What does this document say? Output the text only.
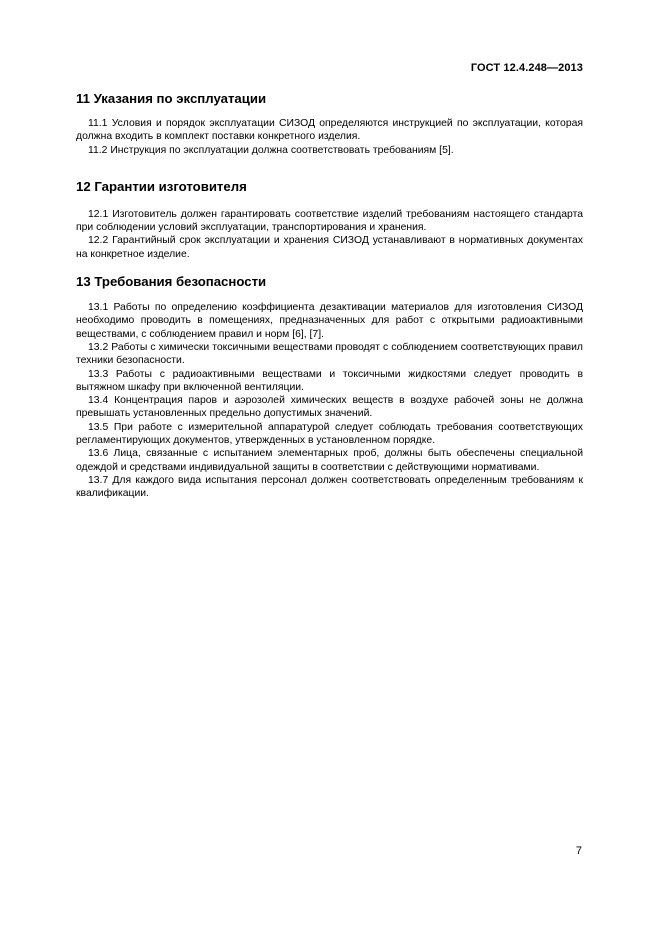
ГОСТ 12.4.248—2013
11 Указания по эксплуатации

11.1 Условия и порядок эксплуатации СИЗОД определяются инструкцией по эксплуатации, которая должна входить в комплект поставки конкретного изделия.

11.2 Инструкция по эксплуатации должна соответствовать требованиям [5].

12 Гарантии изготовителя

12.1 Изготовитель должен гарантировать соответствие изделий требованиям настоящего стандарта при соблюдении условий эксплуатации, транспортирования и хранения.

12.2 Гарантийный срок эксплуатации и хранения СИЗОД устанавливают в нормативных документах на конкретное изделие.

13 Требования безопасности

13.1 Работы по определению коэффициента дезактивации материалов для изготовления СИЗОД необходимо проводить в помещениях, предназначенных для работ с открытыми радиоактивными веществами, с соблюдением правил и норм [6], [7].

13.2 Работы с химически токсичными веществами проводят с соблюдением соответствующих правил техники безопасности.

13.3 Работы с радиоактивными веществами и токсичными жидкостями следует проводить в вытяжном шкафу при включенной вентиляции.

13.4 Концентрация паров и аэрозолей химических веществ в воздухе рабочей зоны не должна превышать установленных предельно допустимых значений.

13.5 При работе с измерительной аппаратурой следует соблюдать требования соответствующих регламентирующих документов, утвержденных в установленном порядке.

13.6 Лица, связанные с испытанием элементарных проб, должны быть обеспечены специальной одеждой и средствами индивидуальной защиты в соответствии с действующими нормативами.

13.7 Для каждого вида испытания персонал должен соответствовать определенным требованиям к квалификации.

7
